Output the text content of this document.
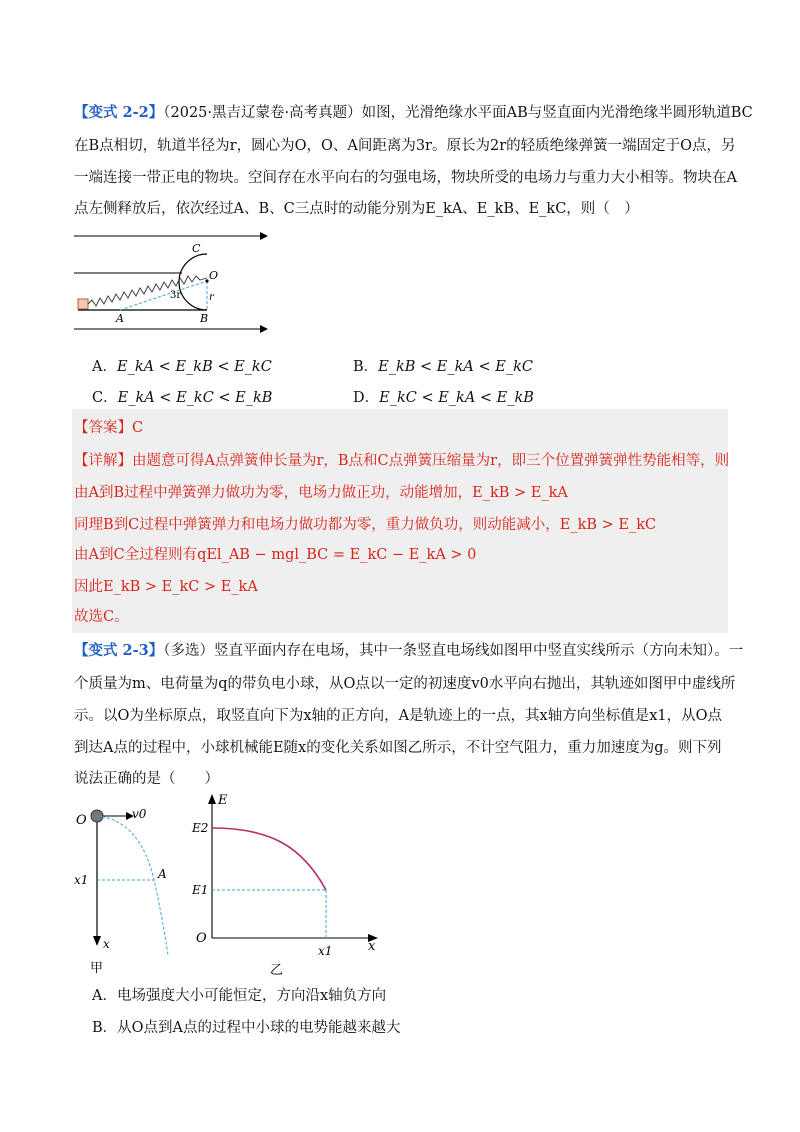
【变式 2-2】（2025·黑吉辽蒙卷·高考真题）如图，光滑绝缘水平面AB与竖直面内光滑绝缘半圆形轨道BC
在B点相切，轨道半径为r，圆心为O，O、A间距离为3r。原长为2r的轻质绝缘弹簧一端固定于O点，另
一端连接一带正电的物块。空间存在水平向右的匀强电场，物块所受的电场力与重力大小相等。物块在A
点左侧释放后，依次经过A、B、C三点时的动能分别为E_kA、E_kB、E_kC，则（　）
C
O
3r	r
A	B
A．E_kA < E_kB < E_kC	B．E_kB < E_kA < E_kC
C．E_kA < E_kC < E_kB	D．E_kC < E_kA < E_kB
【答案】C
【详解】由题意可得A点弹簧伸长量为r，B点和C点弹簧压缩量为r，即三个位置弹簧弹性势能相等，则
由A到B过程中弹簧弹力做功为零，电场力做正功，动能增加，E_kB > E_kA
同理B到C过程中弹簧弹力和电场力做功都为零，重力做负功，则动能减小，E_kB > E_kC
由A到C全过程则有qEl_AB − mgl_BC = E_kC − E_kA > 0
因此E_kB > E_kC > E_kA
故选C。
【变式 2-3】（多选）竖直平面内存在电场，其中一条竖直电场线如图甲中竖直实线所示（方向未知）。一
个质量为m、电荷量为q的带负电小球，从O点以一定的初速度v0水平向右抛出，其轨迹如图甲中虚线所
示。以O为坐标原点，取竖直向下为x轴的正方向，A是轨迹上的一点，其x轴方向坐标值是x1，从O点
到达A点的过程中，小球机械能E随x的变化关系如图乙所示，不计空气阻力，重力加速度为g。则下列
说法正确的是（　　）
O	v0
x1	A
x
甲
E
E2
E1
O
x1	x
乙
A．电场强度大小可能恒定，方向沿x轴负方向
B．从O点到A点的过程中小球的电势能越来越大
